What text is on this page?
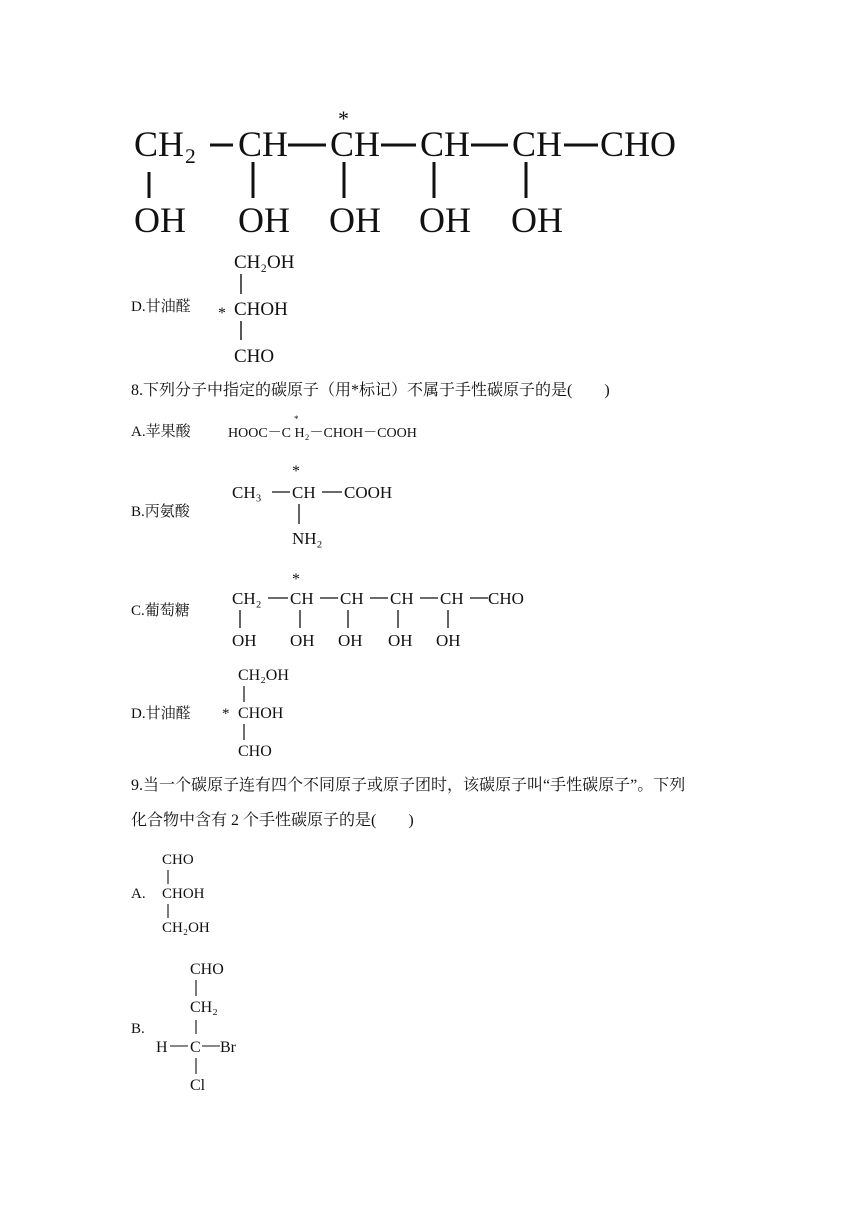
CH₂ CH
*
CH CH CH CHO
OH OH OH OH OH
D.甘油醛
CH₂OH
* CHOH
CHO
8.下列分子中指定的碳原子（用*标记）不属于手性碳原子的是(　　)
A.苹果酸	HOOC－C H₂－CHOH－COOH
*
B.丙氨酸
*
CH₃ CH COOH
NH₂
C.葡萄糖
*
CH₂ CH CH CH CH CHO
OH OH OH OH OH
D.甘油醛
CH₂OH
* CHOH
CHO
9.当一个碳原子连有四个不同原子或原子团时，该碳原子叫“手性碳原子”。下列
化合物中含有 2 个手性碳原子的是(　　)
A.
CHO
CHOH
CH₂OH
B.
CHO
CH₂
H C Br
Cl
